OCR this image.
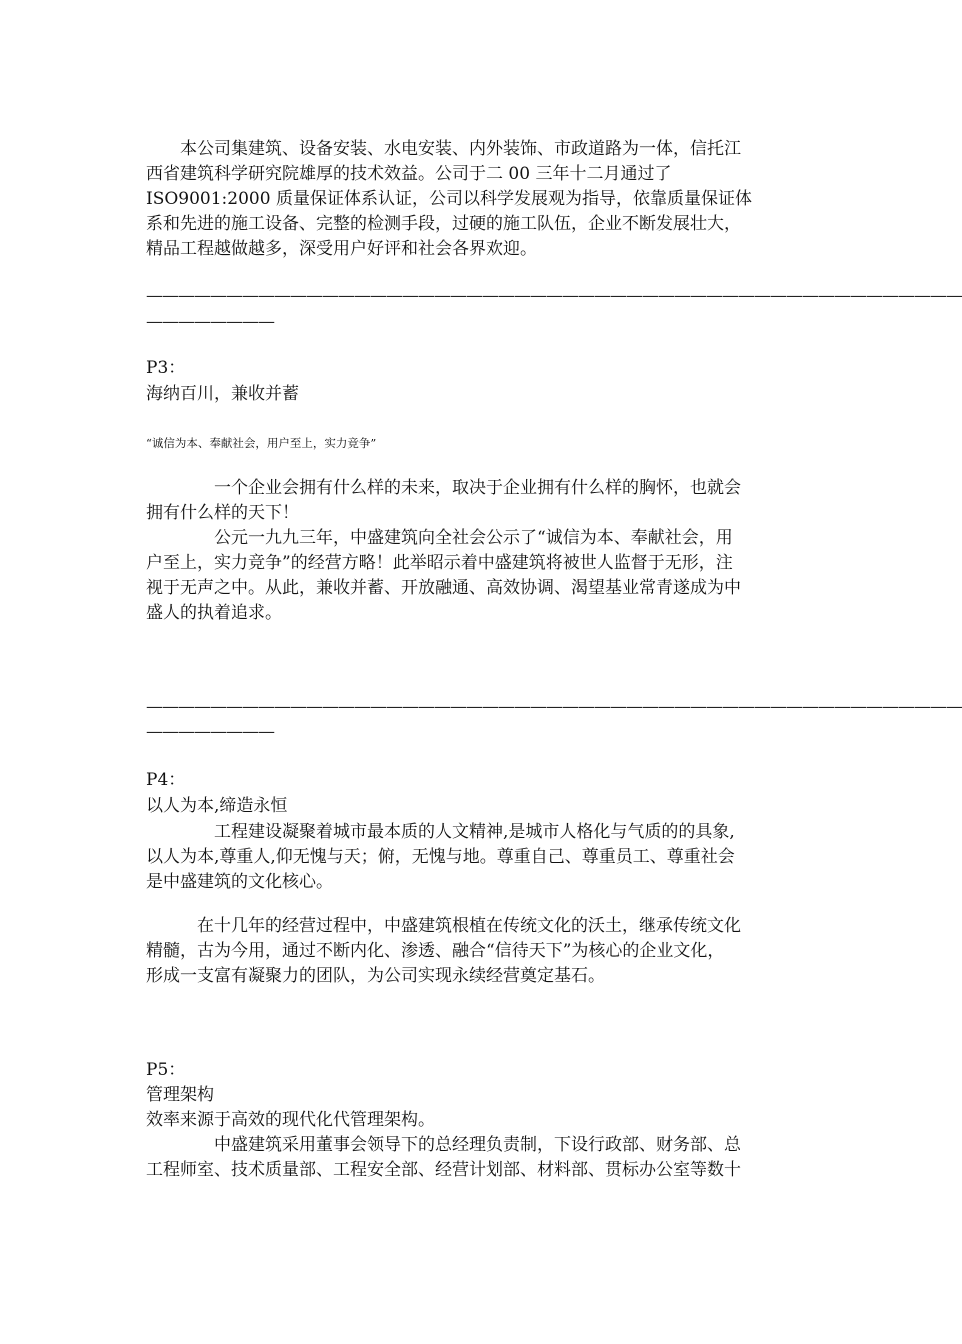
　　本公司集建筑、设备安装、水电安装、内外装饰、市政道路为一体，信托江
西省建筑科学研究院雄厚的技术效益。公司于二 00 三年十二月通过了
ISO9001:2000 质量保证体系认证，公司以科学发展观为指导，依靠质量保证体
系和先进的施工设备、完整的检测手段，过硬的施工队伍，企业不断发展壮大，
精品工程越做越多，深受用户好评和社会各界欢迎。
———————————————————————————————————————————————————
————————
P3：
海纳百川，兼收并蓄
“诚信为本、奉献社会，用户至上，实力竞争”
　　　　一个企业会拥有什么样的未来，取决于企业拥有什么样的胸怀，也就会
拥有什么样的天下！
　　　　公元一九九三年，中盛建筑向全社会公示了“诚信为本、奉献社会，用
户至上，实力竞争”的经营方略！此举昭示着中盛建筑将被世人监督于无形，注
视于无声之中。从此，兼收并蓄、开放融通、高效协调、渴望基业常青遂成为中
盛人的执着追求。
———————————————————————————————————————————————————
————————
P4：
以人为本,缔造永恒
　　　　工程建设凝聚着城市最本质的人文精神,是城市人格化与气质的的具象,
以人为本,尊重人,仰无愧与天；俯，无愧与地。尊重自己、尊重员工、尊重社会
是中盛建筑的文化核心。
　　　在十几年的经营过程中，中盛建筑根植在传统文化的沃土，继承传统文化
精髓，古为今用，通过不断内化、渗透、融合“信待天下”为核心的企业文化，
形成一支富有凝聚力的团队，为公司实现永续经营奠定基石。
P5：
管理架构
效率来源于高效的现代化代管理架构。
　　　　中盛建筑采用董事会领导下的总经理负责制，下设行政部、财务部、总
工程师室、技术质量部、工程安全部、经营计划部、材料部、贯标办公室等数十
